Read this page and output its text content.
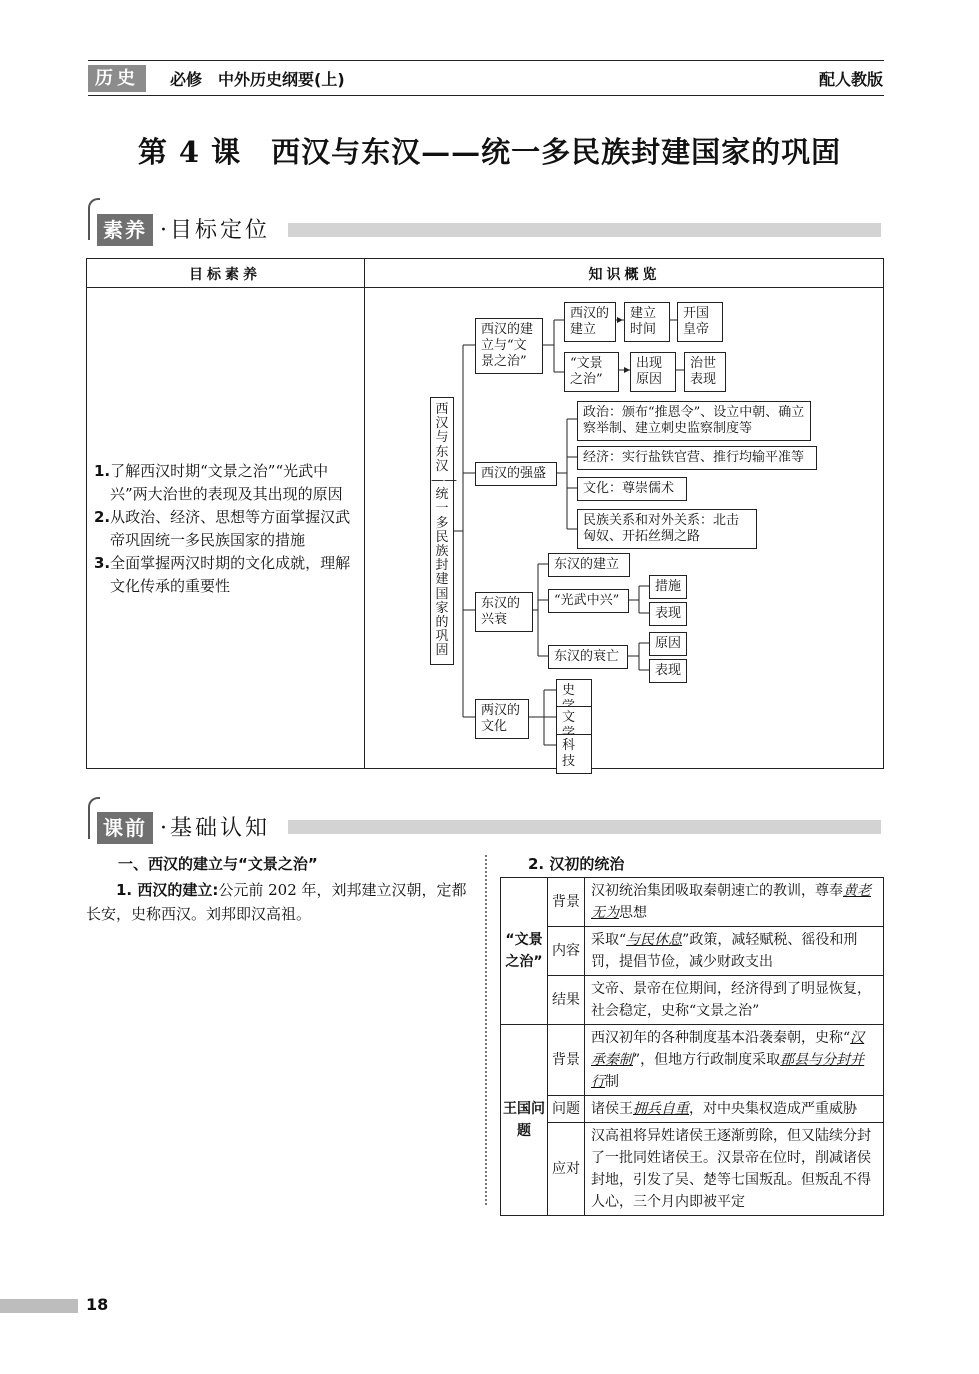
历史	必修　中外历史纲要(上)	配人教版
第 4 课　西汉与东汉——统一多民族封建国家的巩固
素养 ·目标定位
目标素养	知识概览

1.了解西汉时期“文景之治”“光武中兴”两大治世的表现及其出现的原因

2.从政治、经济、思想等方面掌握汉武帝巩固统一多民族国家的措施

3.全面掌握两汉时期的文化成就，理解文化传承的重要性

西汉与东汉——统一多民族封建国家的巩固
西汉的建立与“文景之治”
西汉的建立
建立时间
开国皇帝
“文景之治”
出现原因
治世表现
西汉的强盛
政治：颁布“推恩令”、设立中朝、确立察举制、建立刺史监察制度等
经济：实行盐铁官营、推行均输平准等
文化：尊崇儒术
民族关系和对外关系：北击匈奴、开拓丝绸之路
东汉的兴衰
东汉的建立
“光武中兴”
措施
表现
东汉的衰亡
原因
表现
两汉的文化
史
文
科技
课前 ·基础认知
一、西汉的建立与“文景之治”
1. 西汉的建立:公元前 202 年，刘邦建立汉朝，定都长安，史称西汉。刘邦即汉高祖。
2. 汉初的统治
“文景之治”	背景	汉初统治集团吸取秦朝速亡的教训，尊奉黄老无为思想
	内容	采取“与民休息”政策，减轻赋税、徭役和刑罚，提倡节俭，减少财政支出
	结果	文帝、景帝在位期间，经济得到了明显恢复，社会稳定，史称“文景之治”
王国问题	背景	西汉初年的各种制度基本沿袭秦朝，史称“汉承秦制”，但地方行政制度采取郡县与分封并行制
	问题	诸侯王拥兵自重，对中央集权造成严重威胁
	应对	汉高祖将异姓诸侯王逐渐剪除，但又陆续分封了一批同姓诸侯王。汉景帝在位时，削减诸侯封地，引发了吴、楚等七国叛乱。但叛乱不得人心，三个月内即被平定
18
